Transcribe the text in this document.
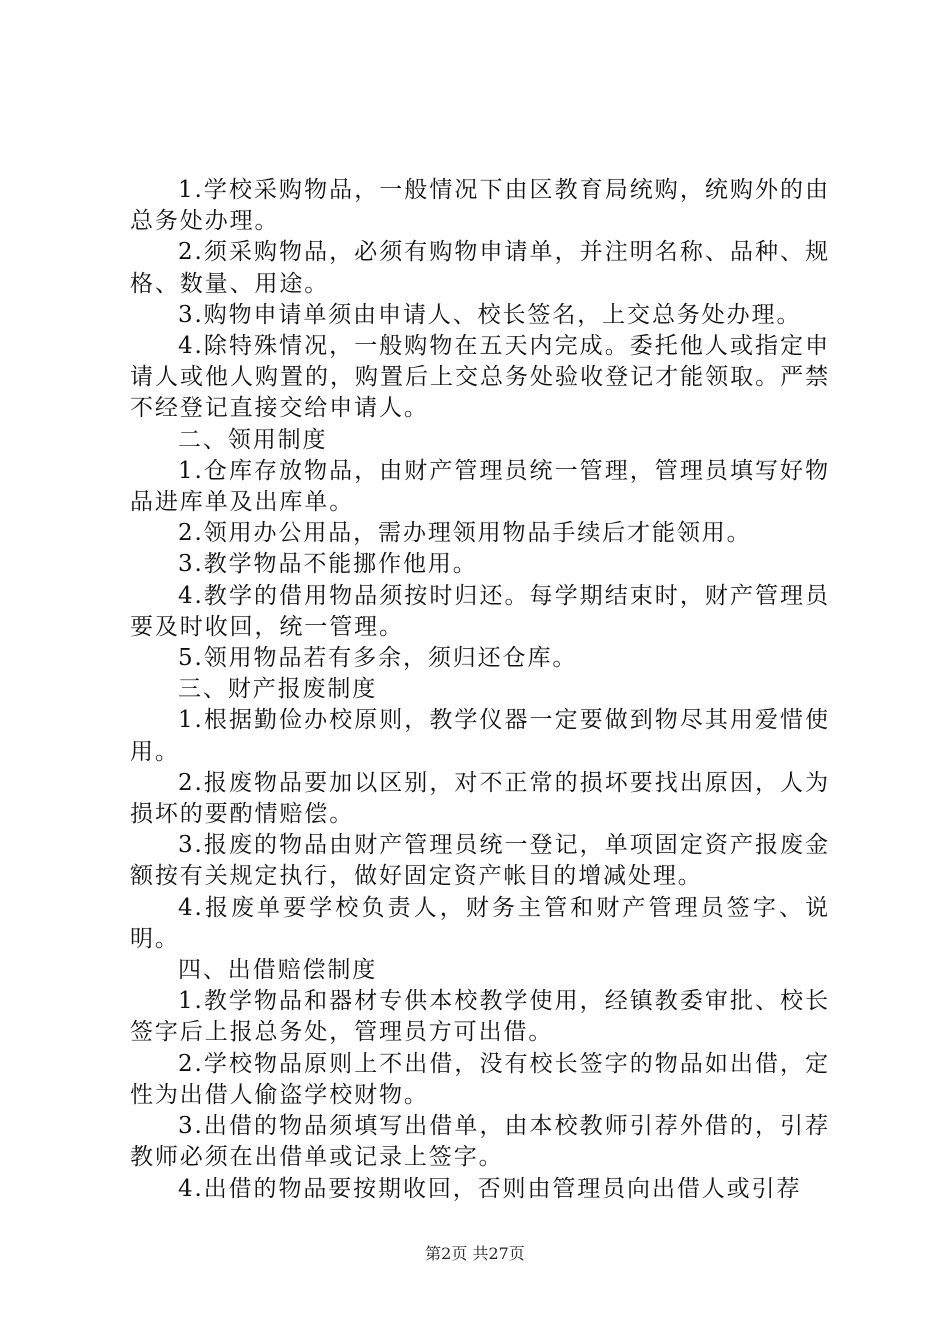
1.学校采购物品，一般情况下由区教育局统购，统购外的由总务处办理。

2.须采购物品，必须有购物申请单，并注明名称、品种、规格、数量、用途。

3.购物申请单须由申请人、校长签名，上交总务处办理。

4.除特殊情况，一般购物在五天内完成。委托他人或指定申请人或他人购置的，购置后上交总务处验收登记才能领取。严禁不经登记直接交给申请人。

二、领用制度

1.仓库存放物品，由财产管理员统一管理，管理员填写好物品进库单及出库单。

2.领用办公用品，需办理领用物品手续后才能领用。

3.教学物品不能挪作他用。

4.教学的借用物品须按时归还。每学期结束时，财产管理员要及时收回，统一管理。

5.领用物品若有多余，须归还仓库。

三、财产报废制度

1.根据勤俭办校原则，教学仪器一定要做到物尽其用爱惜使用。

2.报废物品要加以区别，对不正常的损坏要找出原因，人为损坏的要酌情赔偿。

3.报废的物品由财产管理员统一登记，单项固定资产报废金额按有关规定执行，做好固定资产帐目的增减处理。

4.报废单要学校负责人，财务主管和财产管理员签字、说明。

四、出借赔偿制度

1.教学物品和器材专供本校教学使用，经镇教委审批、校长签字后上报总务处，管理员方可出借。

2.学校物品原则上不出借，没有校长签字的物品如出借，定性为出借人偷盗学校财物。

3.出借的物品须填写出借单，由本校教师引荐外借的，引荐教师必须在出借单或记录上签字。

4.出借的物品要按期收回，否则由管理员向出借人或引荐

第2页 共27页
